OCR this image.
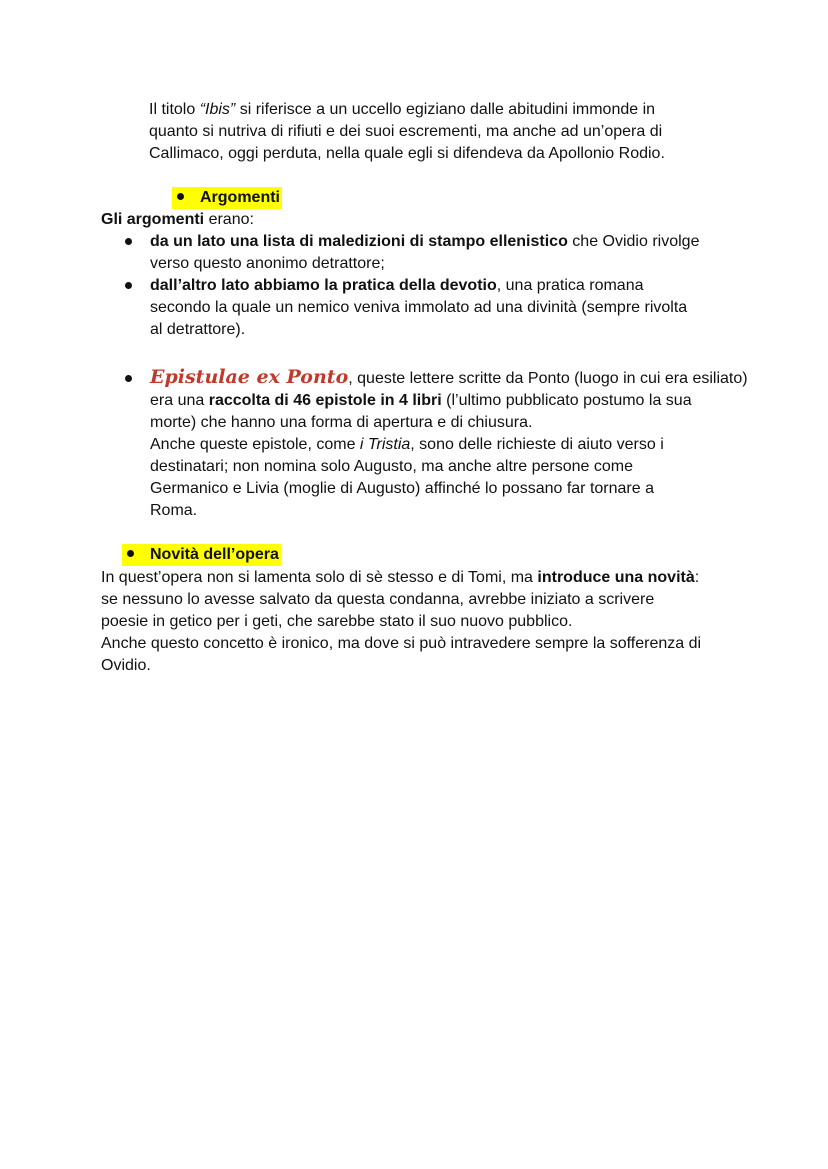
Il titolo “Ibis” si riferisce a un uccello egiziano dalle abitudini immonde in

quanto si nutriva di rifiuti e dei suoi escrementi, ma anche ad un’opera di

Callimaco, oggi perduta, nella quale egli si difendeva da Apollonio Rodio.

Argomenti

Gli argomenti erano:

da un lato una lista di maledizioni di stampo ellenistico che Ovidio rivolge

verso questo anonimo detrattore;

dall’altro lato abbiamo la pratica della devotio, una pratica romana

secondo la quale un nemico veniva immolato ad una divinità (sempre rivolta

al detrattore).

Epistulae ex Ponto, queste lettere scritte da Ponto (luogo in cui era esiliato)

era una raccolta di 46 epistole in 4 libri (l’ultimo pubblicato postumo la sua

morte) che hanno una forma di apertura e di chiusura.

Anche queste epistole, come i Tristia, sono delle richieste di aiuto verso i

destinatari; non nomina solo Augusto, ma anche altre persone come

Germanico e Livia (moglie di Augusto) affinché lo possano far tornare a

Roma.

Novità dell’opera

In quest’opera non si lamenta solo di sè stesso e di Tomi, ma introduce una novità:

se nessuno lo avesse salvato da questa condanna, avrebbe iniziato a scrivere

poesie in getico per i geti, che sarebbe stato il suo nuovo pubblico.

Anche questo concetto è ironico, ma dove si può intravedere sempre la sofferenza di

Ovidio.
